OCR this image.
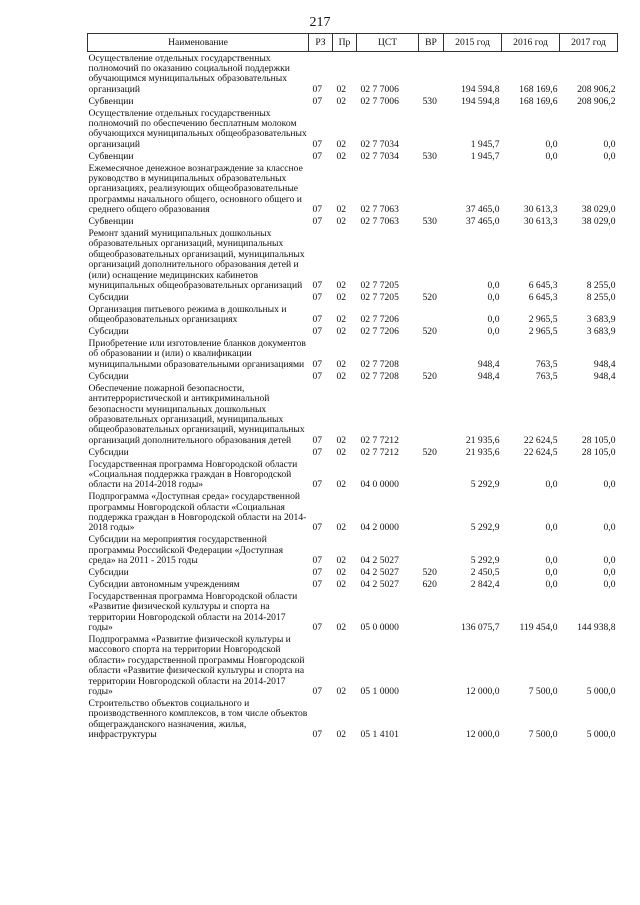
217
Наименование	РЗ	Пр	ЦСТ	ВР	2015 год	2016 год	2017 год
Осуществление отдельных государственных полномочий по оказанию социальной поддержки обучающимся муниципальных образовательных организаций	07	02	02 7 7006		194 594,8	168 169,6	208 906,2
Субвенции	07	02	02 7 7006	530	194 594,8	168 169,6	208 906,2
Осуществление отдельных государственных полномочий по обеспечению бесплатным молоком обучающихся муниципальных общеобразовательных организаций	07	02	02 7 7034		1 945,7	0,0	0,0
Субвенции	07	02	02 7 7034	530	1 945,7	0,0	0,0
Ежемесячное денежное вознаграждение за классное руководство в муниципальных образовательных организациях, реализующих общеобразовательные программы начального общего, основного общего и среднего общего образования	07	02	02 7 7063		37 465,0	30 613,3	38 029,0
Субвенции	07	02	02 7 7063	530	37 465,0	30 613,3	38 029,0
Ремонт зданий муниципальных дошкольных образовательных организаций, муниципальных общеобразовательных организаций, муниципальных организаций дополнительного образования детей и (или) оснащение медицинских кабинетов муниципальных общеобразовательных организаций	07	02	02 7 7205		0,0	6 645,3	8 255,0
Субсидии	07	02	02 7 7205	520	0,0	6 645,3	8 255,0
Организация питьевого режима в дошкольных и общеобразовательных организациях	07	02	02 7 7206		0,0	2 965,5	3 683,9
Субсидии	07	02	02 7 7206	520	0,0	2 965,5	3 683,9
Приобретение или изготовление бланков документов об образовании и (или) о квалификации муниципальными образовательными организациями	07	02	02 7 7208		948,4	763,5	948,4
Субсидии	07	02	02 7 7208	520	948,4	763,5	948,4
Обеспечение пожарной безопасности, антитеррористической и антикриминальной безопасности муниципальных дошкольных образовательных организаций, муниципальных общеобразовательных организаций, муниципальных организаций дополнительного образования детей	07	02	02 7 7212		21 935,6	22 624,5	28 105,0
Субсидии	07	02	02 7 7212	520	21 935,6	22 624,5	28 105,0
Государственная программа Новгородской области «Социальная поддержка граждан в Новгородской области на 2014-2018 годы»	07	02	04 0 0000		5 292,9	0,0	0,0
Подпрограмма «Доступная среда» государственной программы Новгородской области «Социальная поддержка граждан в Новгородской области на 2014-2018 годы»	07	02	04 2 0000		5 292,9	0,0	0,0
Субсидии на мероприятия государственной программы Российской Федерации «Доступная среда» на 2011 - 2015 годы	07	02	04 2 5027		5 292,9	0,0	0,0
Субсидии	07	02	04 2 5027	520	2 450,5	0,0	0,0
Субсидии автономным учреждениям	07	02	04 2 5027	620	2 842,4	0,0	0,0
Государственная программа Новгородской области «Развитие физической культуры и спорта на территории Новгородской области на 2014-2017 годы»	07	02	05 0 0000		136 075,7	119 454,0	144 938,8
Подпрограмма «Развитие физической культуры и массового спорта на территории Новгородской области» государственной программы Новгородской области «Развитие физической культуры и спорта на территории Новгородской области на 2014-2017 годы»	07	02	05 1 0000		12 000,0	7 500,0	5 000,0
Строительство объектов социального и производственного комплексов, в том числе объектов общегражданского назначения, жилья, инфраструктуры	07	02	05 1 4101		12 000,0	7 500,0	5 000,0
